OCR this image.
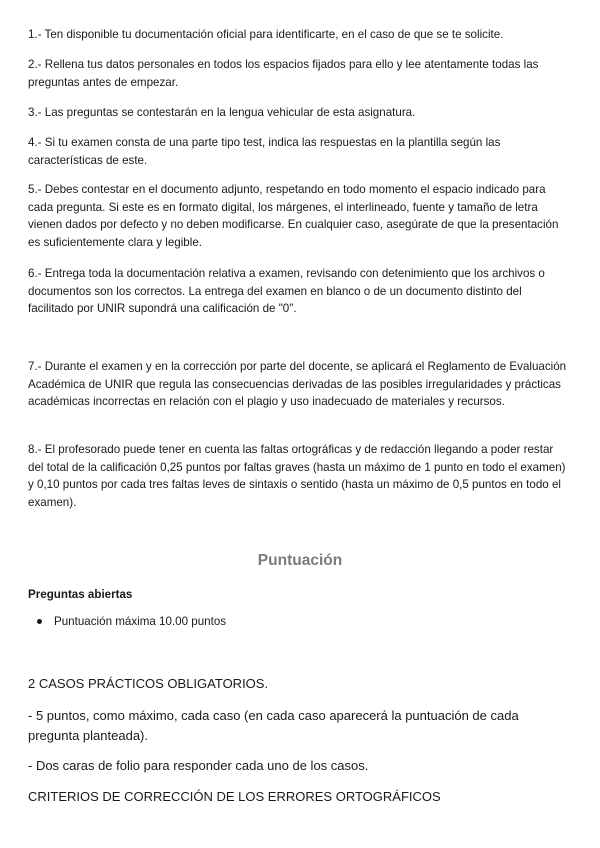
1.- Ten disponible tu documentación oficial para identificarte, en el caso de que se te solicite.

2.- Rellena tus datos personales en todos los espacios fijados para ello y lee atentamente todas las preguntas antes de empezar.

3.- Las preguntas se contestarán en la lengua vehicular de esta asignatura.

4.- Si tu examen consta de una parte tipo test, indica las respuestas en la plantilla según las características de este.

5.- Debes contestar en el documento adjunto, respetando en todo momento el espacio indicado para cada pregunta. Si este es en formato digital, los márgenes, el interlineado, fuente y tamaño de letra vienen dados por defecto y no deben modificarse. En cualquier caso, asegúrate de que la presentación es suficientemente clara y legible.

6.- Entrega toda la documentación relativa a examen, revisando con detenimiento que los archivos o documentos son los correctos. La entrega del examen en blanco o de un documento distinto del facilitado por UNIR supondrá una calificación de "0".

7.- Durante el examen y en la corrección por parte del docente, se aplicará el Reglamento de Evaluación Académica de UNIR que regula las consecuencias derivadas de las posibles irregularidades y prácticas académicas incorrectas en relación con el plagio y uso inadecuado de materiales y recursos.

8.- El profesorado puede tener en cuenta las faltas ortográficas y de redacción llegando a poder restar del total de la calificación 0,25 puntos por faltas graves (hasta un máximo de 1 punto en todo el examen) y 0,10 puntos por cada tres faltas leves de sintaxis o sentido (hasta un máximo de 0,5 puntos en todo el examen).

Puntuación

Preguntas abiertas

Puntuación máxima 10.00 puntos

2 CASOS PRÁCTICOS OBLIGATORIOS.

- 5 puntos, como máximo, cada caso (en cada caso aparecerá la puntuación de cada pregunta planteada).

- Dos caras de folio para responder cada uno de los casos.

CRITERIOS DE CORRECCIÓN DE LOS ERRORES ORTOGRÁFICOS
